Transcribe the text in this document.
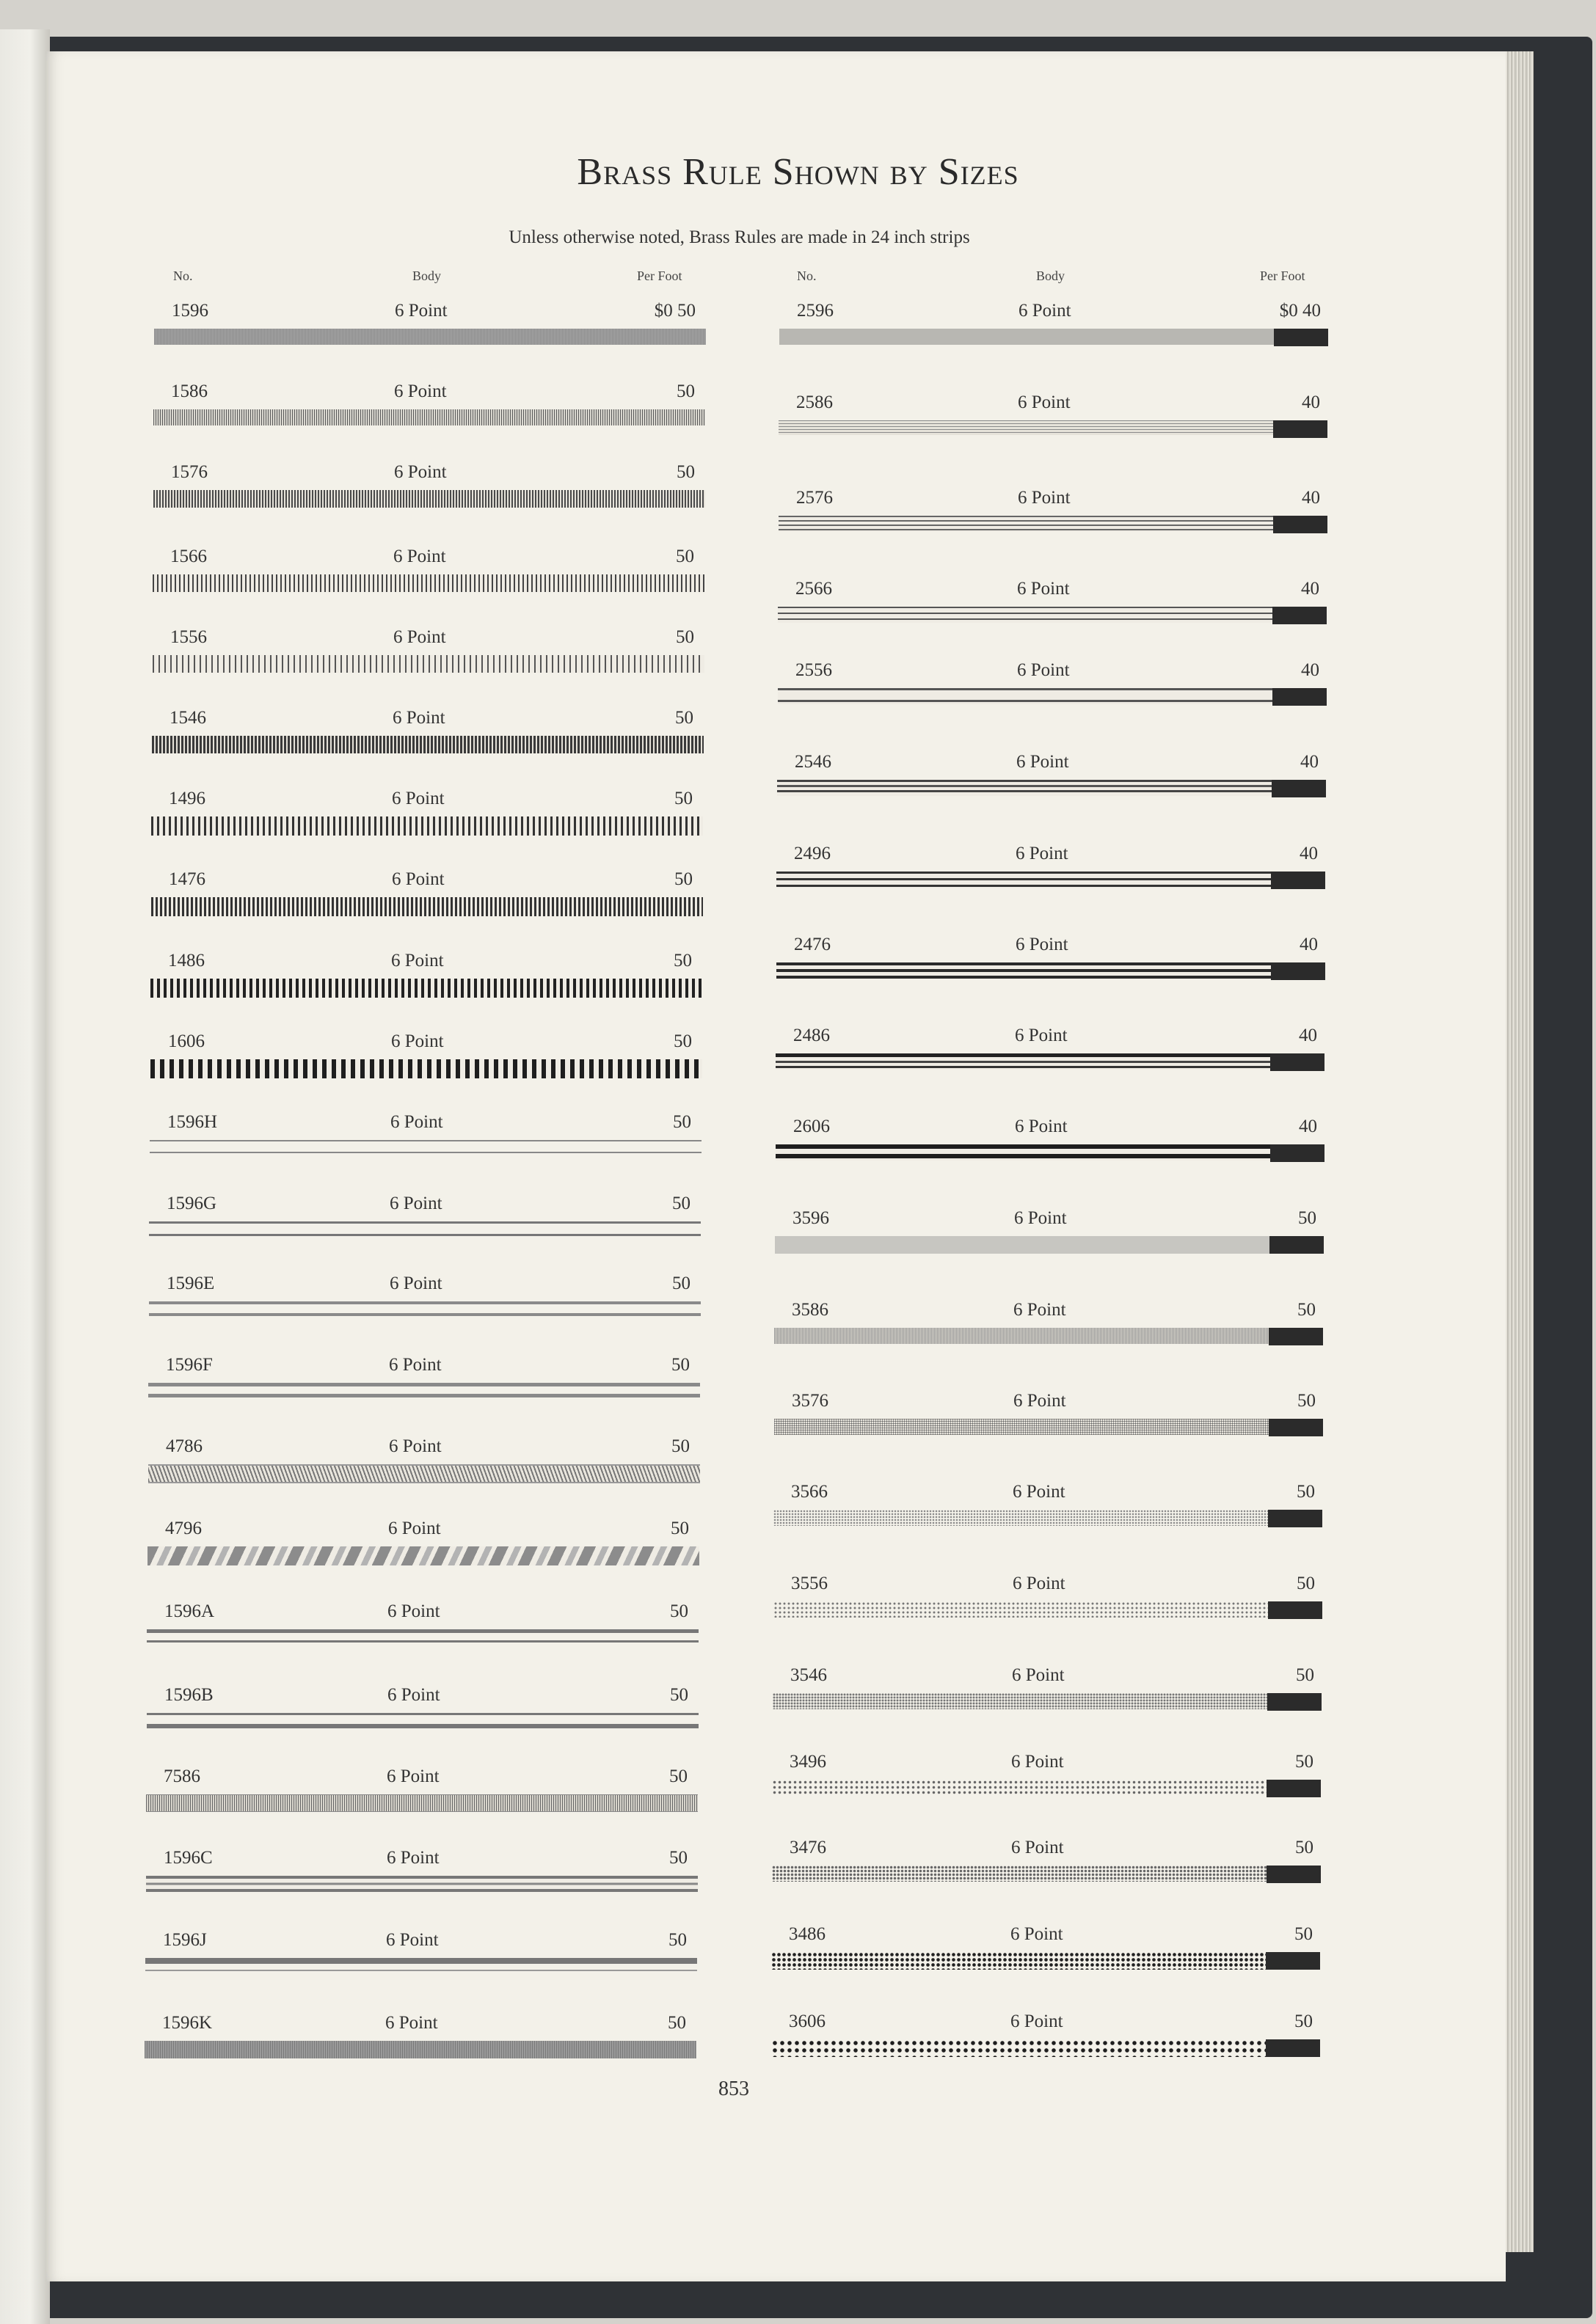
Brass Rule Shown by Sizes
Unless otherwise noted, Brass Rules are made in 24 inch strips
No.	Body	Per Foot	No.	Body	Per Foot
1596	6 Point	$0 50
1586	6 Point	50
1576	6 Point	50
1566	6 Point	50
1556	6 Point	50
1546	6 Point	50
1496	6 Point	50
1476	6 Point	50
1486	6 Point	50
1606	6 Point	50
1596H	6 Point	50
1596G	6 Point	50
1596E	6 Point	50
1596F	6 Point	50
4786	6 Point	50
4796	6 Point	50
1596A	6 Point	50
1596B	6 Point	50
7586	6 Point	50
1596C	6 Point	50
1596J	6 Point	50
1596K	6 Point	50
2596	6 Point	$0 40
2586	6 Point	40
2576	6 Point	40
2566	6 Point	40
2556	6 Point	40
2546	6 Point	40
2496	6 Point	40
2476	6 Point	40
2486	6 Point	40
2606	6 Point	40
3596	6 Point	50
3586	6 Point	50
3576	6 Point	50
3566	6 Point	50
3556	6 Point	50
3546	6 Point	50
3496	6 Point	50
3476	6 Point	50
3486	6 Point	50
3606	6 Point	50
853
